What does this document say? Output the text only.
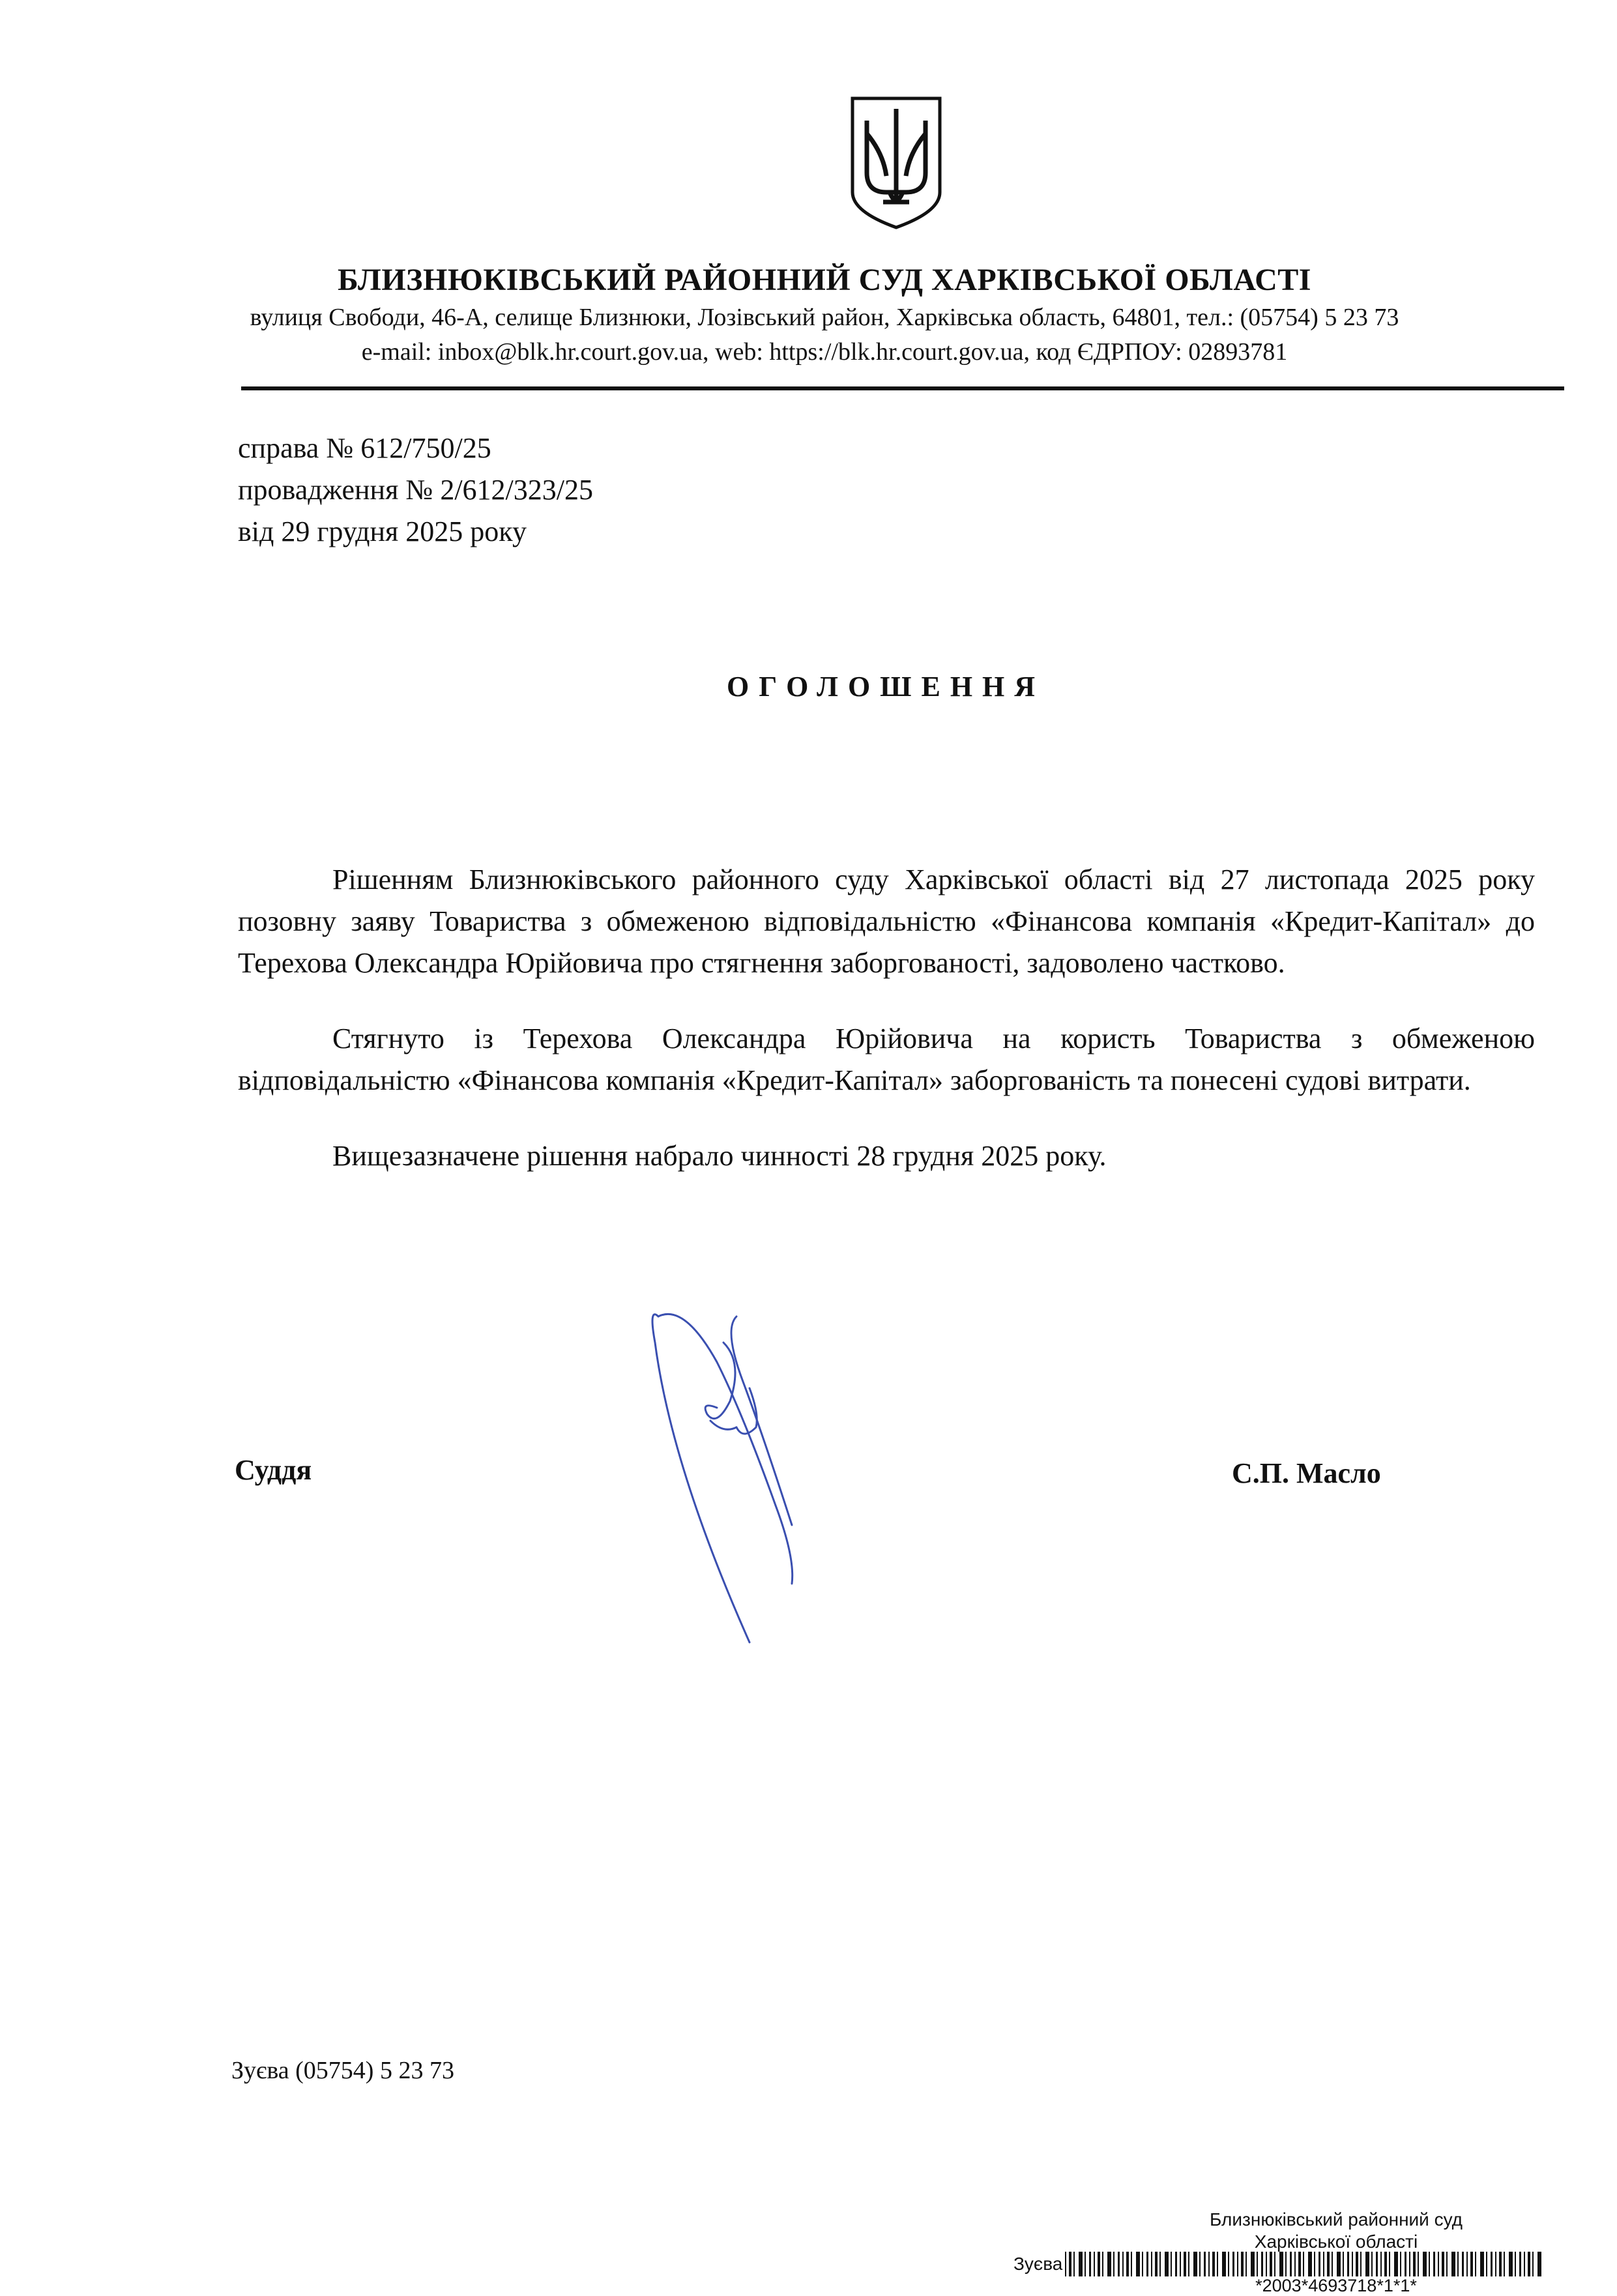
БЛИЗНЮКІВСЬКИЙ РАЙОННИЙ СУД ХАРКІВСЬКОЇ ОБЛАСТІ
вулиця Свободи, 46-А, селище Близнюки, Лозівський район, Харківська область, 64801, тел.: (05754) 5 23 73
e-mail: inbox@blk.hr.court.gov.ua, web: https://blk.hr.court.gov.ua, код ЄДРПОУ: 02893781
справа № 612/750/25
провадження № 2/612/323/25
від 29 грудня 2025 року
ОГОЛОШЕННЯ
Рішенням Близнюківського районного суду Харківської області від 27 листопада 2025 року позовну заяву Товариства з обмеженою відповідальністю «Фінансова компанія «Кредит-Капітал» до Терехова Олександра Юрійовича про стягнення заборгованості, задоволено частково.
Стягнуто із Терехова Олександра Юрійовича на користь Товариства з обмеженою відповідальністю «Фінансова компанія «Кредит-Капітал» заборгованість та понесені судові витрати.
Вищезазначене рішення набрало чинності 28 грудня 2025 року.
Суддя	С.П. Масло
Зуєва (05754) 5 23 73
Близнюківський районний суд
Харківської області
Зуєва
*2003*4693718*1*1*
